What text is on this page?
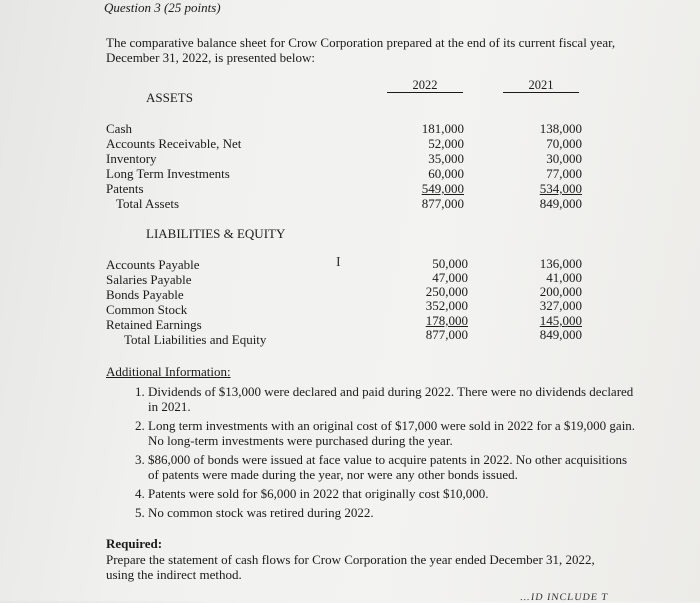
Question 3 (25 points)
The comparative balance sheet for Crow Corporation prepared at the end of its current fiscal year, December 31, 2022, is presented below:
2022	2021
ASSETS
Cash	181,000	138,000
Accounts Receivable, Net	52,000	70,000
Inventory	35,000	30,000
Long Term Investments	60,000	77,000
Patents	549,000	534,000
Total Assets	877,000	849,000
LIABILITIES & EQUITY
I
Accounts Payable	50,000	136,000
Salaries Payable	47,000	41,000
Bonds Payable	250,000	200,000
Common Stock	352,000	327,000
Retained Earnings	178,000	145,000
Total Liabilities and Equity	877,000	849,000
Additional Information:
1. Dividends of $13,000 were declared and paid during 2022. There were no dividends declared in 2021.
2. Long term investments with an original cost of $17,000 were sold in 2022 for a $19,000 gain. No long-term investments were purchased during the year.
3. $86,000 of bonds were issued at face value to acquire patents in 2022. No other acquisitions of patents were made during the year, nor were any other bonds issued.
4. Patents were sold for $6,000 in 2022 that originally cost $10,000.
5. No common stock was retired during 2022.
Required:
Prepare the statement of cash flows for Crow Corporation the year ended December 31, 2022, using the indirect method.
…ID INCLUDE T
